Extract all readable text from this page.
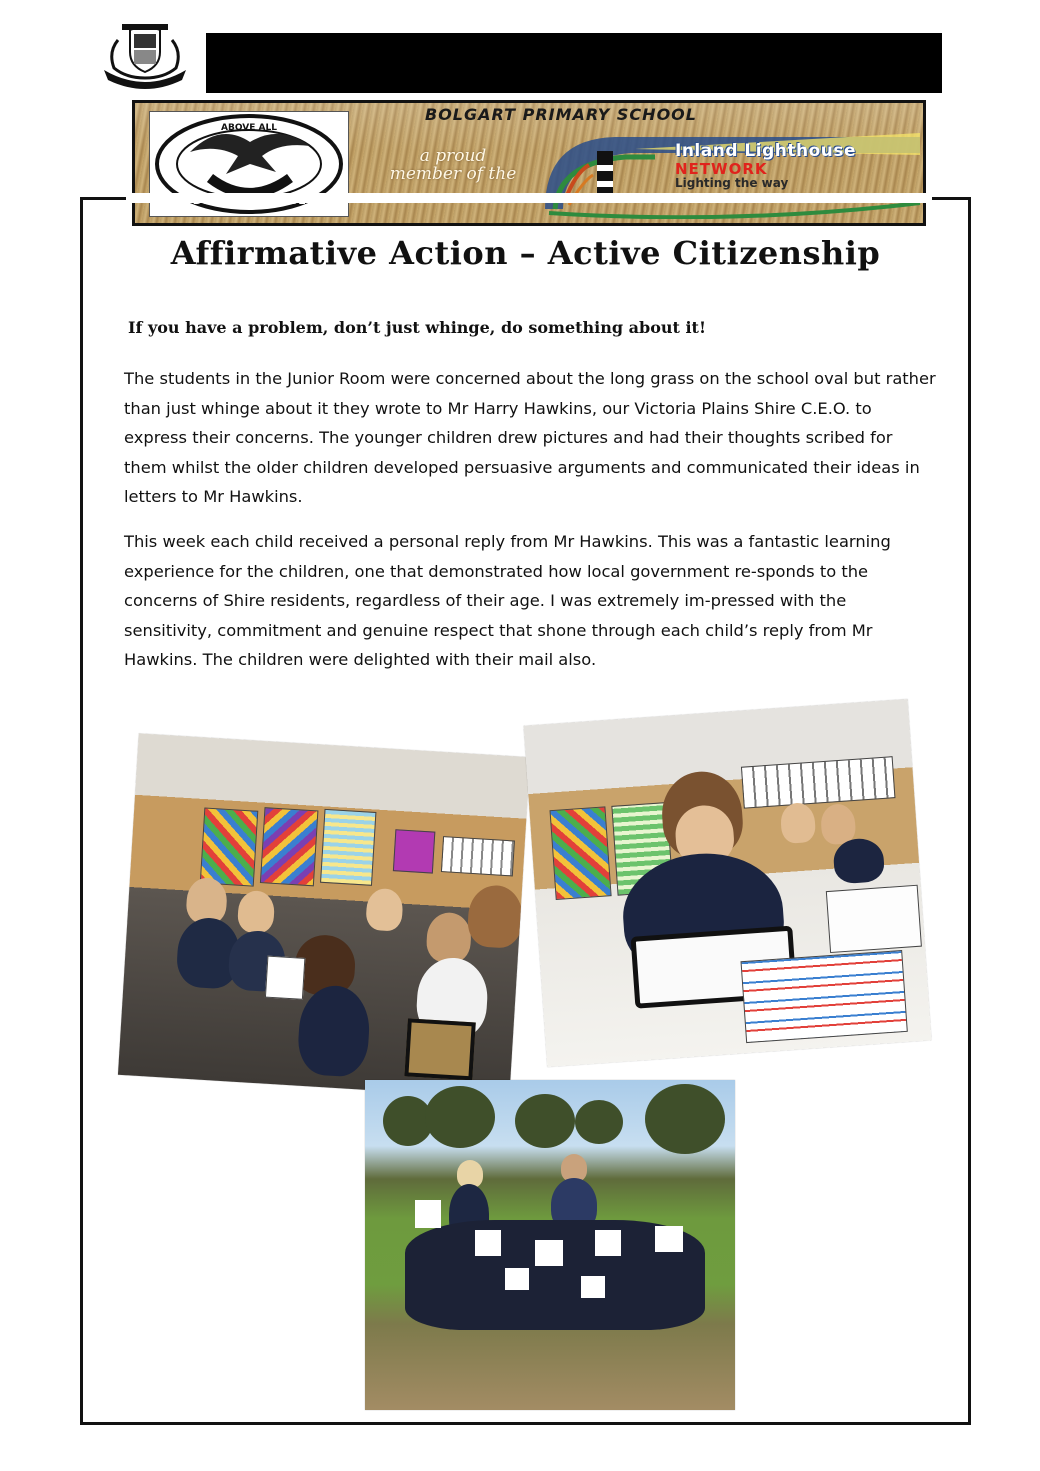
ABOVE ALL
BOLGART PRIMARY SCHOOL
a proud
member of the
Inland Lighthouse
NETWORK
Lighting the way
Affirmative Action – Active Citizenship
If you have a problem, don’t just whinge, do something about it!
The students in the Junior Room were concerned about the long grass on the school oval but rather than just whinge about it they wrote to Mr Harry Hawkins, our Victoria Plains Shire C.E.O. to express their concerns. The younger children drew pictures and had their thoughts scribed for them whilst the older children developed persuasive arguments and communicated their ideas in letters to Mr Hawkins.
This week each child received a personal reply from Mr Hawkins. This was a fantastic learning experience for the children, one that demonstrated how local government re-sponds to the concerns of Shire residents, regardless of their age. I was extremely im-pressed with the sensitivity, commitment and genuine respect that shone through each child’s reply from Mr Hawkins. The children were delighted with their mail also.
